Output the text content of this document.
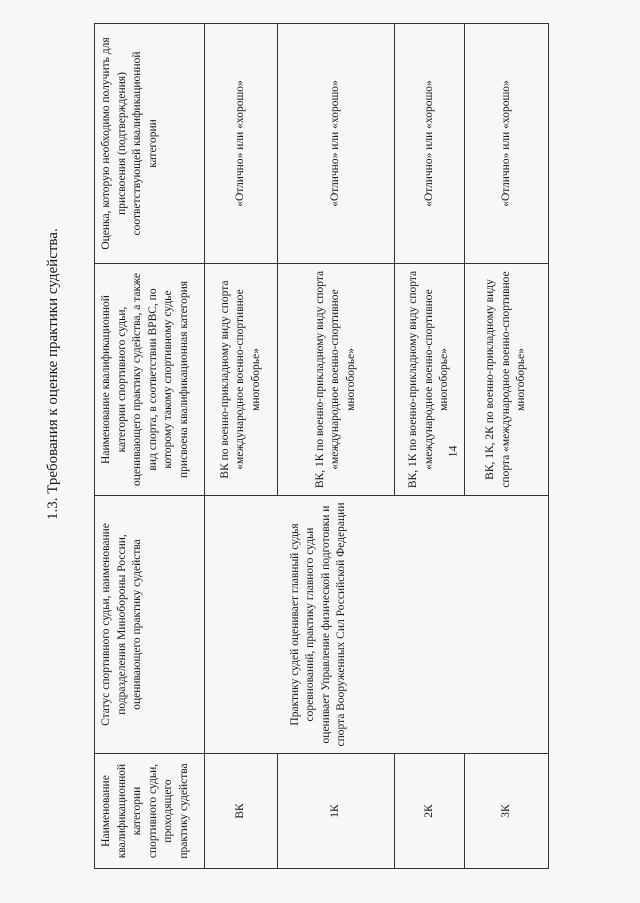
14
1.3. Требования к оценке практики судейства.
Наименование квалификационной категории спортивного судьи, проходящего практику судейства	Статус спортивного судьи, наименование подразделения Минобороны России, оценивающего практику судейства	Наименование квалификационной категории спортивного судьи, оценивающего практику судейства, а также вид спорта, в соответствии ВРВС, по которому такому спортивному судье присвоена квалификационная категория	Оценка, которую необходимо получить для присвоения (подтверждения) соответствующей квалификационной категории
ВК		ВК по военно-прикладному виду спорта «международное военно-спортивное многоборье»	«Отлично» или «хорошо»
1К	Практику судей оценивает главный судья соревнований, практику главного судьи оценивает Управление физической подготовки и спорта Вооруженных Сил Российской Федерации	ВК, 1К по военно-прикладному виду спорта «международное военно-спортивное многоборье»	«Отлично» или «хорошо»
2К		ВК, 1К по военно-прикладному виду спорта «международное военно-спортивное многоборье»	«Отлично» или «хорошо»
3К		ВК, 1К, 2К по военно-прикладному виду спорта «международное военно-спортивное многоборье»	«Отлично» или «хорошо»
